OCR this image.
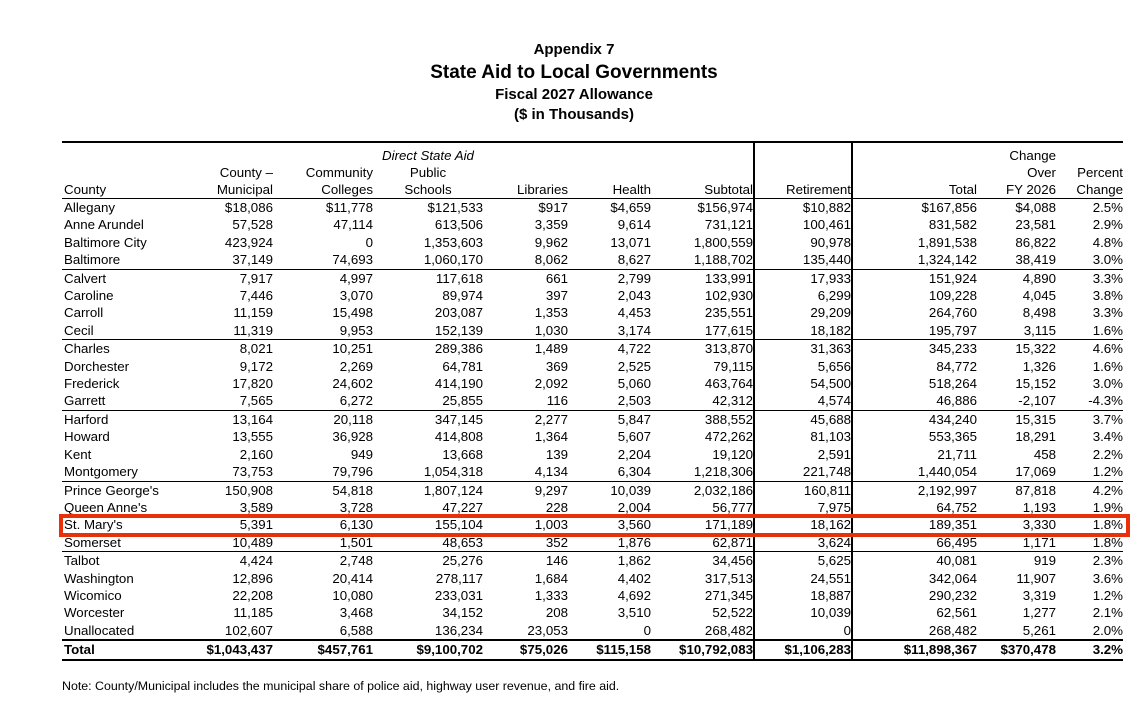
Appendix 7
State Aid to Local Governments
Fiscal 2027 Allowance
($ in Thousands)

			Direct State Aid						Change	
	County –	Community	Public						Over	Percent
County	Municipal	Colleges	Schools	Libraries	Health	Subtotal	Retirement	Total	FY 2026	Change
Allegany	$18,086	$11,778	$121,533	$917	$4,659	$156,974	$10,882	$167,856	$4,088	2.5%
Anne Arundel	57,528	47,114	613,506	3,359	9,614	731,121	100,461	831,582	23,581	2.9%
Baltimore City	423,924	0	1,353,603	9,962	13,071	1,800,559	90,978	1,891,538	86,822	4.8%
Baltimore	37,149	74,693	1,060,170	8,062	8,627	1,188,702	135,440	1,324,142	38,419	3.0%
Calvert	7,917	4,997	117,618	661	2,799	133,991	17,933	151,924	4,890	3.3%
Caroline	7,446	3,070	89,974	397	2,043	102,930	6,299	109,228	4,045	3.8%
Carroll	11,159	15,498	203,087	1,353	4,453	235,551	29,209	264,760	8,498	3.3%
Cecil	11,319	9,953	152,139	1,030	3,174	177,615	18,182	195,797	3,115	1.6%
Charles	8,021	10,251	289,386	1,489	4,722	313,870	31,363	345,233	15,322	4.6%
Dorchester	9,172	2,269	64,781	369	2,525	79,115	5,656	84,772	1,326	1.6%
Frederick	17,820	24,602	414,190	2,092	5,060	463,764	54,500	518,264	15,152	3.0%
Garrett	7,565	6,272	25,855	116	2,503	42,312	4,574	46,886	-2,107	-4.3%
Harford	13,164	20,118	347,145	2,277	5,847	388,552	45,688	434,240	15,315	3.7%
Howard	13,555	36,928	414,808	1,364	5,607	472,262	81,103	553,365	18,291	3.4%
Kent	2,160	949	13,668	139	2,204	19,120	2,591	21,711	458	2.2%
Montgomery	73,753	79,796	1,054,318	4,134	6,304	1,218,306	221,748	1,440,054	17,069	1.2%
Prince George's	150,908	54,818	1,807,124	9,297	10,039	2,032,186	160,811	2,192,997	87,818	4.2%
Queen Anne's	3,589	3,728	47,227	228	2,004	56,777	7,975	64,752	1,193	1.9%
St. Mary's	5,391	6,130	155,104	1,003	3,560	171,189	18,162	189,351	3,330	1.8%
Somerset	10,489	1,501	48,653	352	1,876	62,871	3,624	66,495	1,171	1.8%
Talbot	4,424	2,748	25,276	146	1,862	34,456	5,625	40,081	919	2.3%
Washington	12,896	20,414	278,117	1,684	4,402	317,513	24,551	342,064	11,907	3.6%
Wicomico	22,208	10,080	233,031	1,333	4,692	271,345	18,887	290,232	3,319	1.2%
Worcester	11,185	3,468	34,152	208	3,510	52,522	10,039	62,561	1,277	2.1%
Unallocated	102,607	6,588	136,234	23,053	0	268,482	0	268,482	5,261	2.0%
Total	$1,043,437	$457,761	$9,100,702	$75,026	$115,158	$10,792,083	$1,106,283	$11,898,367	$370,478	3.2%

Note: County/Municipal includes the municipal share of police aid, highway user revenue, and fire aid.
